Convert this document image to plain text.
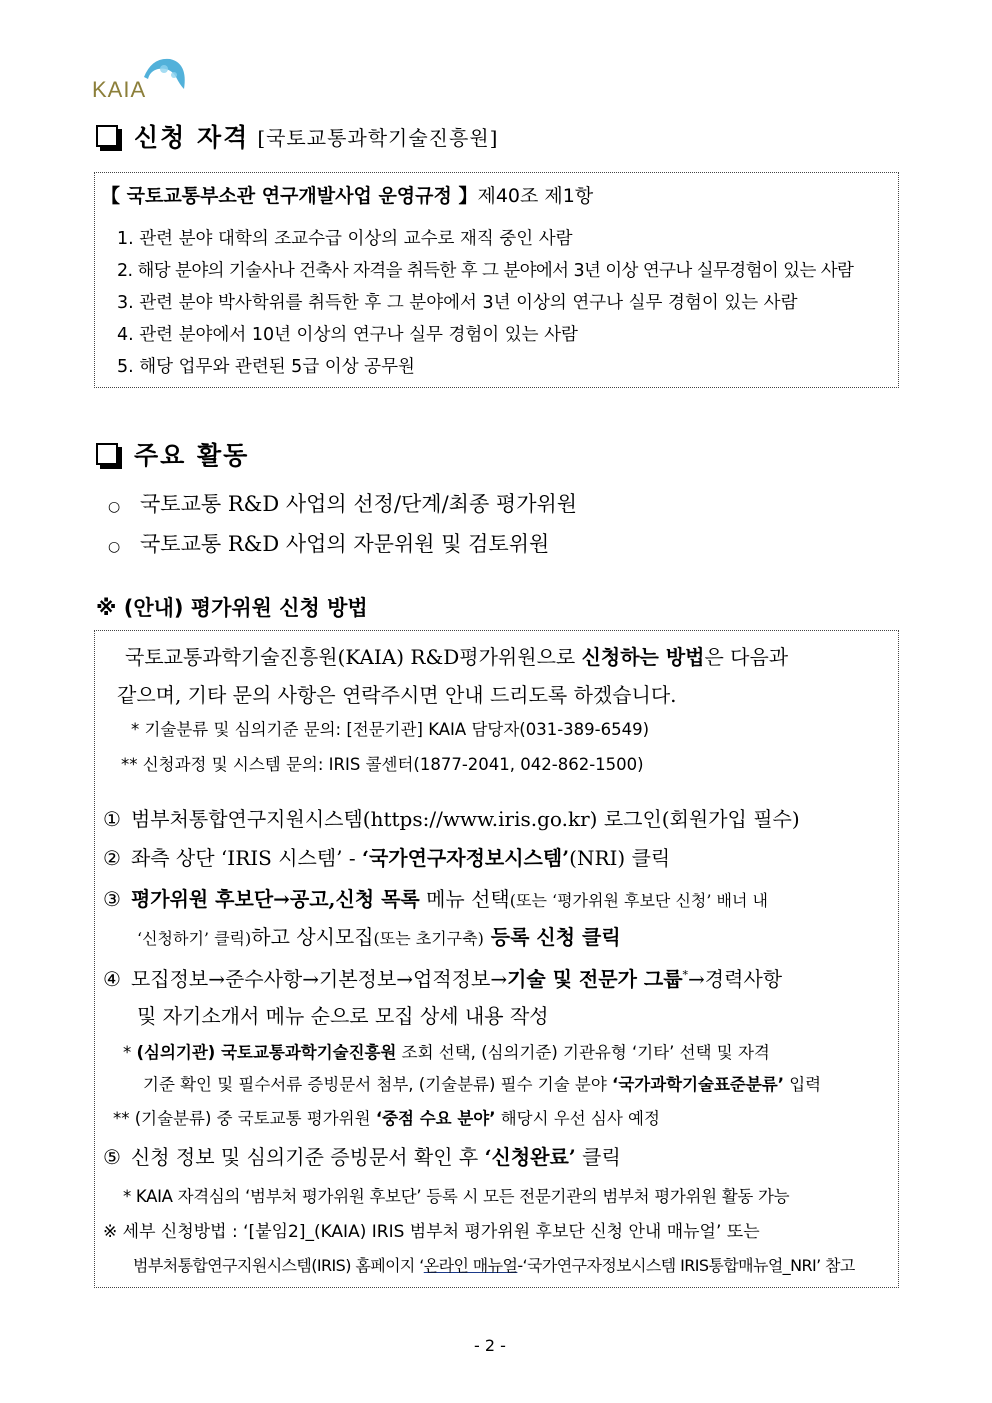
KAIA
신청 자격 [국토교통과학기술진흥원]
【 국토교통부소관 연구개발사업 운영규정 】제40조 제1항
1. 관련 분야 대학의 조교수급 이상의 교수로 재직 중인 사람
2. 해당 분야의 기술사나 건축사 자격을 취득한 후 그 분야에서 3년 이상 연구나 실무경험이 있는 사람
3. 관련 분야 박사학위를 취득한 후 그 분야에서 3년 이상의 연구나 실무 경험이 있는 사람
4. 관련 분야에서 10년 이상의 연구나 실무 경험이 있는 사람
5. 해당 업무와 관련된 5급 이상 공무원
주요 활동
○ 국토교통 R&D 사업의 선정/단계/최종 평가위원
○ 국토교통 R&D 사업의 자문위원 및 검토위원
※ (안내) 평가위원 신청 방법
국토교통과학기술진흥원(KAIA) R&D평가위원으로 신청하는 방법은 다음과
같으며, 기타 문의 사항은 연락주시면 안내 드리도록 하겠습니다.
* 기술분류 및 심의기준 문의: [전문기관] KAIA 담당자(031-389-6549)
** 신청과정 및 시스템 문의: IRIS 콜센터(1877-2041, 042-862-1500)
① 범부처통합연구지원시스템(https://www.iris.go.kr) 로그인(회원가입 필수)
② 좌측 상단 ‘IRIS 시스템’ - ‘국가연구자정보시스템’(NRI) 클릭
③ 평가위원 후보단→공고,신청 목록 메뉴 선택(또는 ‘평가위원 후보단 신청’ 배너 내
‘신청하기’ 클릭)하고 상시모집(또는 초기구축) 등록 신청 클릭
④ 모집정보→준수사항→기본정보→업적정보→기술 및 전문가 그룹*→경력사항
및 자기소개서 메뉴 순으로 모집 상세 내용 작성
* (심의기관) 국토교통과학기술진흥원 조회 선택, (심의기준) 기관유형 ‘기타’ 선택 및 자격
기준 확인 및 필수서류 증빙문서 첨부, (기술분류) 필수 기술 분야 ‘국가과학기술표준분류’ 입력
** (기술분류) 중 국토교통 평가위원 ‘중점 수요 분야’ 해당시 우선 심사 예정
⑤ 신청 정보 및 심의기준 증빙문서 확인 후 ‘신청완료’ 클릭
* KAIA 자격심의 ‘범부처 평가위원 후보단’ 등록 시 모든 전문기관의 범부처 평가위원 활동 가능
※ 세부 신청방법 : ‘[붙임2]_(KAIA) IRIS 범부처 평가위원 후보단 신청 안내 매뉴얼’ 또는
범부처통합연구지원시스템(IRIS) 홈페이지 ‘온라인 매뉴얼-‘국가연구자정보시스템 IRIS통합매뉴얼_NRI’ 참고
- 2 -
